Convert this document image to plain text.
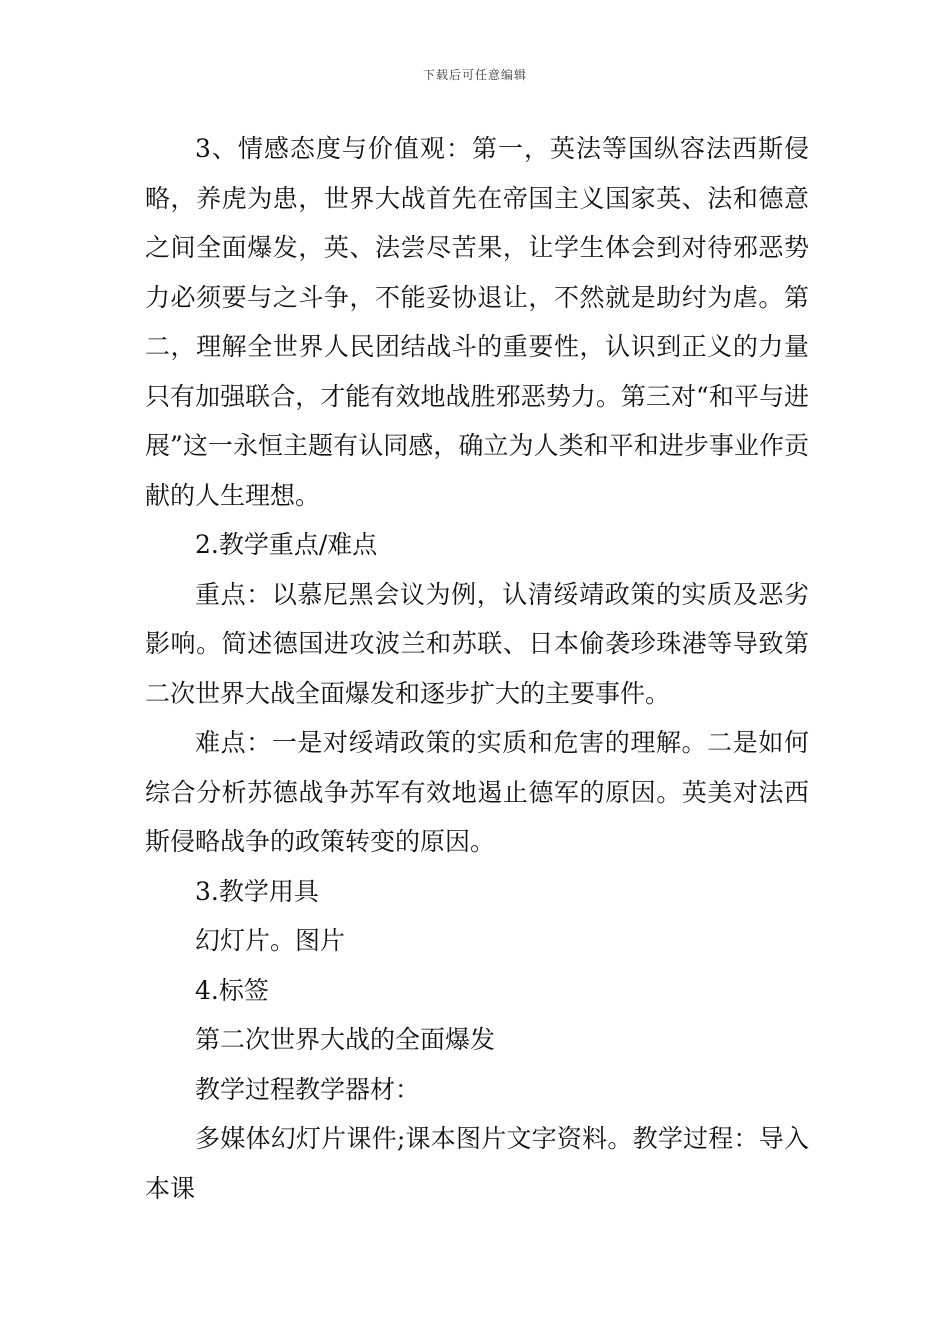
下载后可任意编辑

3、情感态度与价值观：第一，英法等国纵容法西斯侵略，养虎为患，世界大战首先在帝国主义国家英、法和德意之间全面爆发，英、法尝尽苦果，让学生体会到对待邪恶势力必须要与之斗争，不能妥协退让，不然就是助纣为虐。第二，理解全世界人民团结战斗的重要性，认识到正义的力量只有加强联合，才能有效地战胜邪恶势力。第三对“和平与进展”这一永恒主题有认同感，确立为人类和平和进步事业作贡献的人生理想。

2.教学重点/难点

重点：以慕尼黑会议为例，认清绥靖政策的实质及恶劣影响。简述德国进攻波兰和苏联、日本偷袭珍珠港等导致第二次世界大战全面爆发和逐步扩大的主要事件。

难点：一是对绥靖政策的实质和危害的理解。二是如何综合分析苏德战争苏军有效地遏止德军的原因。英美对法西斯侵略战争的政策转变的原因。

3.教学用具

幻灯片。图片

4.标签

第二次世界大战的全面爆发

教学过程教学器材：

多媒体幻灯片课件;课本图片文字资料。教学过程：导入本课
